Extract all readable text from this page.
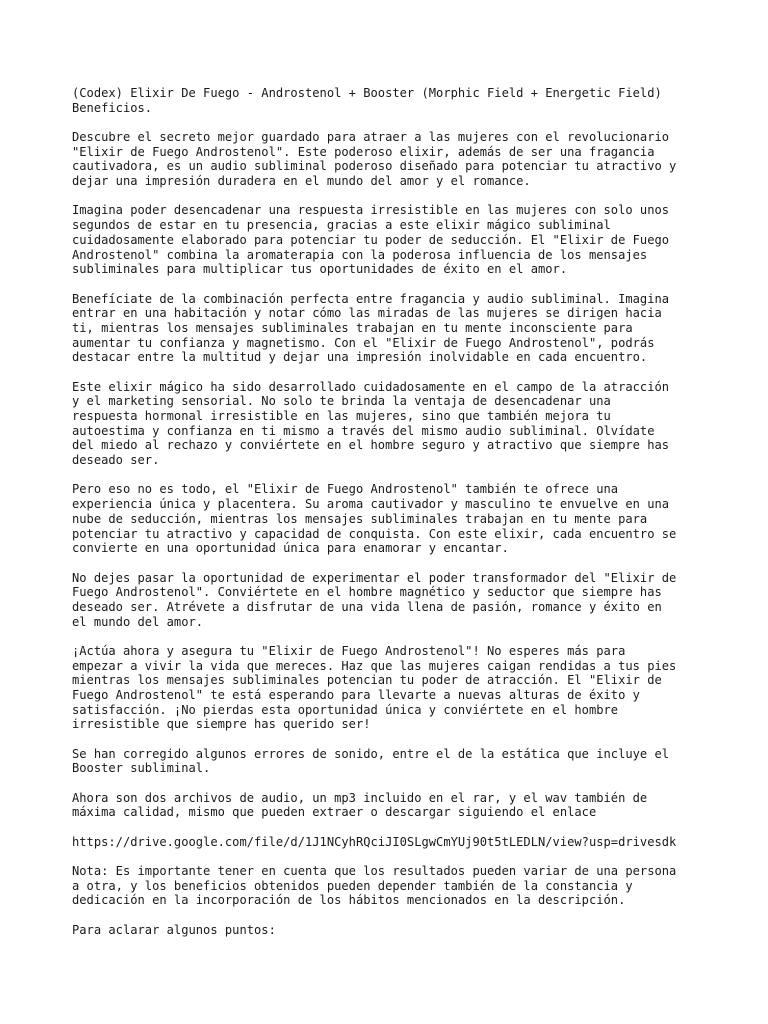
(Codex) Elixir De Fuego - Androstenol + Booster (Morphic Field + Energetic Field)
Beneficios.

Descubre el secreto mejor guardado para atraer a las mujeres con el revolucionario
"Elixir de Fuego Androstenol". Este poderoso elixir, además de ser una fragancia
cautivadora, es un audio subliminal poderoso diseñado para potenciar tu atractivo y
dejar una impresión duradera en el mundo del amor y el romance.

Imagina poder desencadenar una respuesta irresistible en las mujeres con solo unos
segundos de estar en tu presencia, gracias a este elixir mágico subliminal
cuidadosamente elaborado para potenciar tu poder de seducción. El "Elixir de Fuego
Androstenol" combina la aromaterapia con la poderosa influencia de los mensajes
subliminales para multiplicar tus oportunidades de éxito en el amor.

Benefíciate de la combinación perfecta entre fragancia y audio subliminal. Imagina
entrar en una habitación y notar cómo las miradas de las mujeres se dirigen hacia
ti, mientras los mensajes subliminales trabajan en tu mente inconsciente para
aumentar tu confianza y magnetismo. Con el "Elixir de Fuego Androstenol", podrás
destacar entre la multitud y dejar una impresión inolvidable en cada encuentro.

Este elixir mágico ha sido desarrollado cuidadosamente en el campo de la atracción
y el marketing sensorial. No solo te brinda la ventaja de desencadenar una
respuesta hormonal irresistible en las mujeres, sino que también mejora tu
autoestima y confianza en ti mismo a través del mismo audio subliminal. Olvídate
del miedo al rechazo y conviértete en el hombre seguro y atractivo que siempre has
deseado ser.

Pero eso no es todo, el "Elixir de Fuego Androstenol" también te ofrece una
experiencia única y placentera. Su aroma cautivador y masculino te envuelve en una
nube de seducción, mientras los mensajes subliminales trabajan en tu mente para
potenciar tu atractivo y capacidad de conquista. Con este elixir, cada encuentro se
convierte en una oportunidad única para enamorar y encantar.

No dejes pasar la oportunidad de experimentar el poder transformador del "Elixir de
Fuego Androstenol". Conviértete en el hombre magnético y seductor que siempre has
deseado ser. Atrévete a disfrutar de una vida llena de pasión, romance y éxito en
el mundo del amor.

¡Actúa ahora y asegura tu "Elixir de Fuego Androstenol"! No esperes más para
empezar a vivir la vida que mereces. Haz que las mujeres caigan rendidas a tus pies
mientras los mensajes subliminales potencian tu poder de atracción. El "Elixir de
Fuego Androstenol" te está esperando para llevarte a nuevas alturas de éxito y
satisfacción. ¡No pierdas esta oportunidad única y conviértete en el hombre
irresistible que siempre has querido ser!

Se han corregido algunos errores de sonido, entre el de la estática que incluye el
Booster subliminal.

Ahora son dos archivos de audio, un mp3 incluido en el rar, y el wav también de
máxima calidad, mismo que pueden extraer o descargar siguiendo el enlace

https://drive.google.com/file/d/1J1NCyhRQciJI0SLgwCmYUj90t5tLEDLN/view?usp=drivesdk

Nota: Es importante tener en cuenta que los resultados pueden variar de una persona
a otra, y los beneficios obtenidos pueden depender también de la constancia y
dedicación en la incorporación de los hábitos mencionados en la descripción.

Para aclarar algunos puntos:
